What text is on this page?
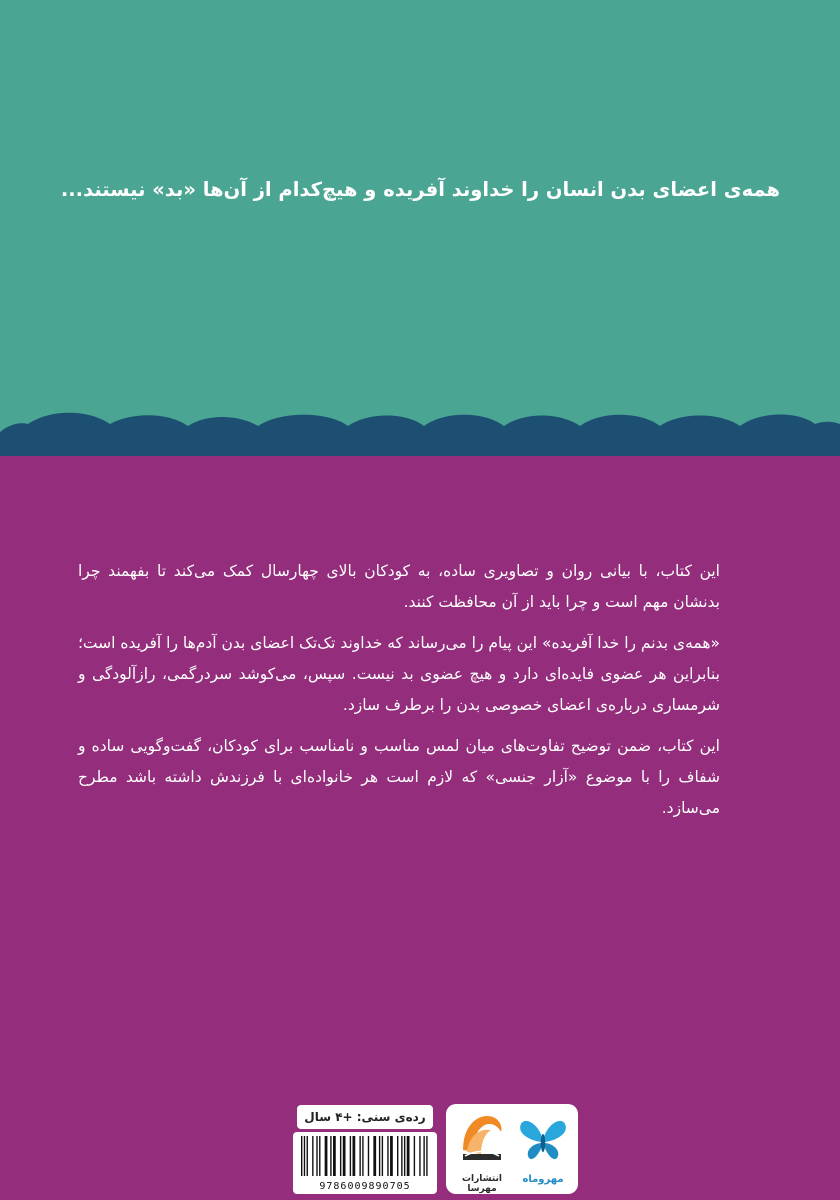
همه‌ی اعضای بدن انسان را خداوند آفریده و هیچ‌کدام از آن‌ها «بد» نیستند...

این کتاب، با بیانی روان و تصاویری ساده، به کودکان بالای چهارسال کمک می‌کند تا بفهمند چرا بدنشان مهم است و چرا باید از آن محافظت کنند.

«همه‌ی بدنم را خدا آفریده» این پیام را می‌رساند که خداوند تک‌تک اعضای بدن آدم‌ها را آفریده است؛ بنابراین هر عضوی فایده‌ای دارد و هیچ عضوی بد نیست. سپس، می‌کوشد سردرگمی، رازآلودگی و شرمساری درباره‌ی اعضای خصوصی بدن را برطرف سازد.

این کتاب، ضمن توضیح تفاوت‌های میان لمس مناسب و نامناسب برای کودکان، گفت‌وگویی ساده و شفاف را با موضوع «آزار جنسی» که لازم است هر خانواده‌ای با فرزندش داشته باشد مطرح می‌سازد.

رده‌ی سنی: +۴ سال
9786009890705
انتشارات مهرسا
مهروماه
